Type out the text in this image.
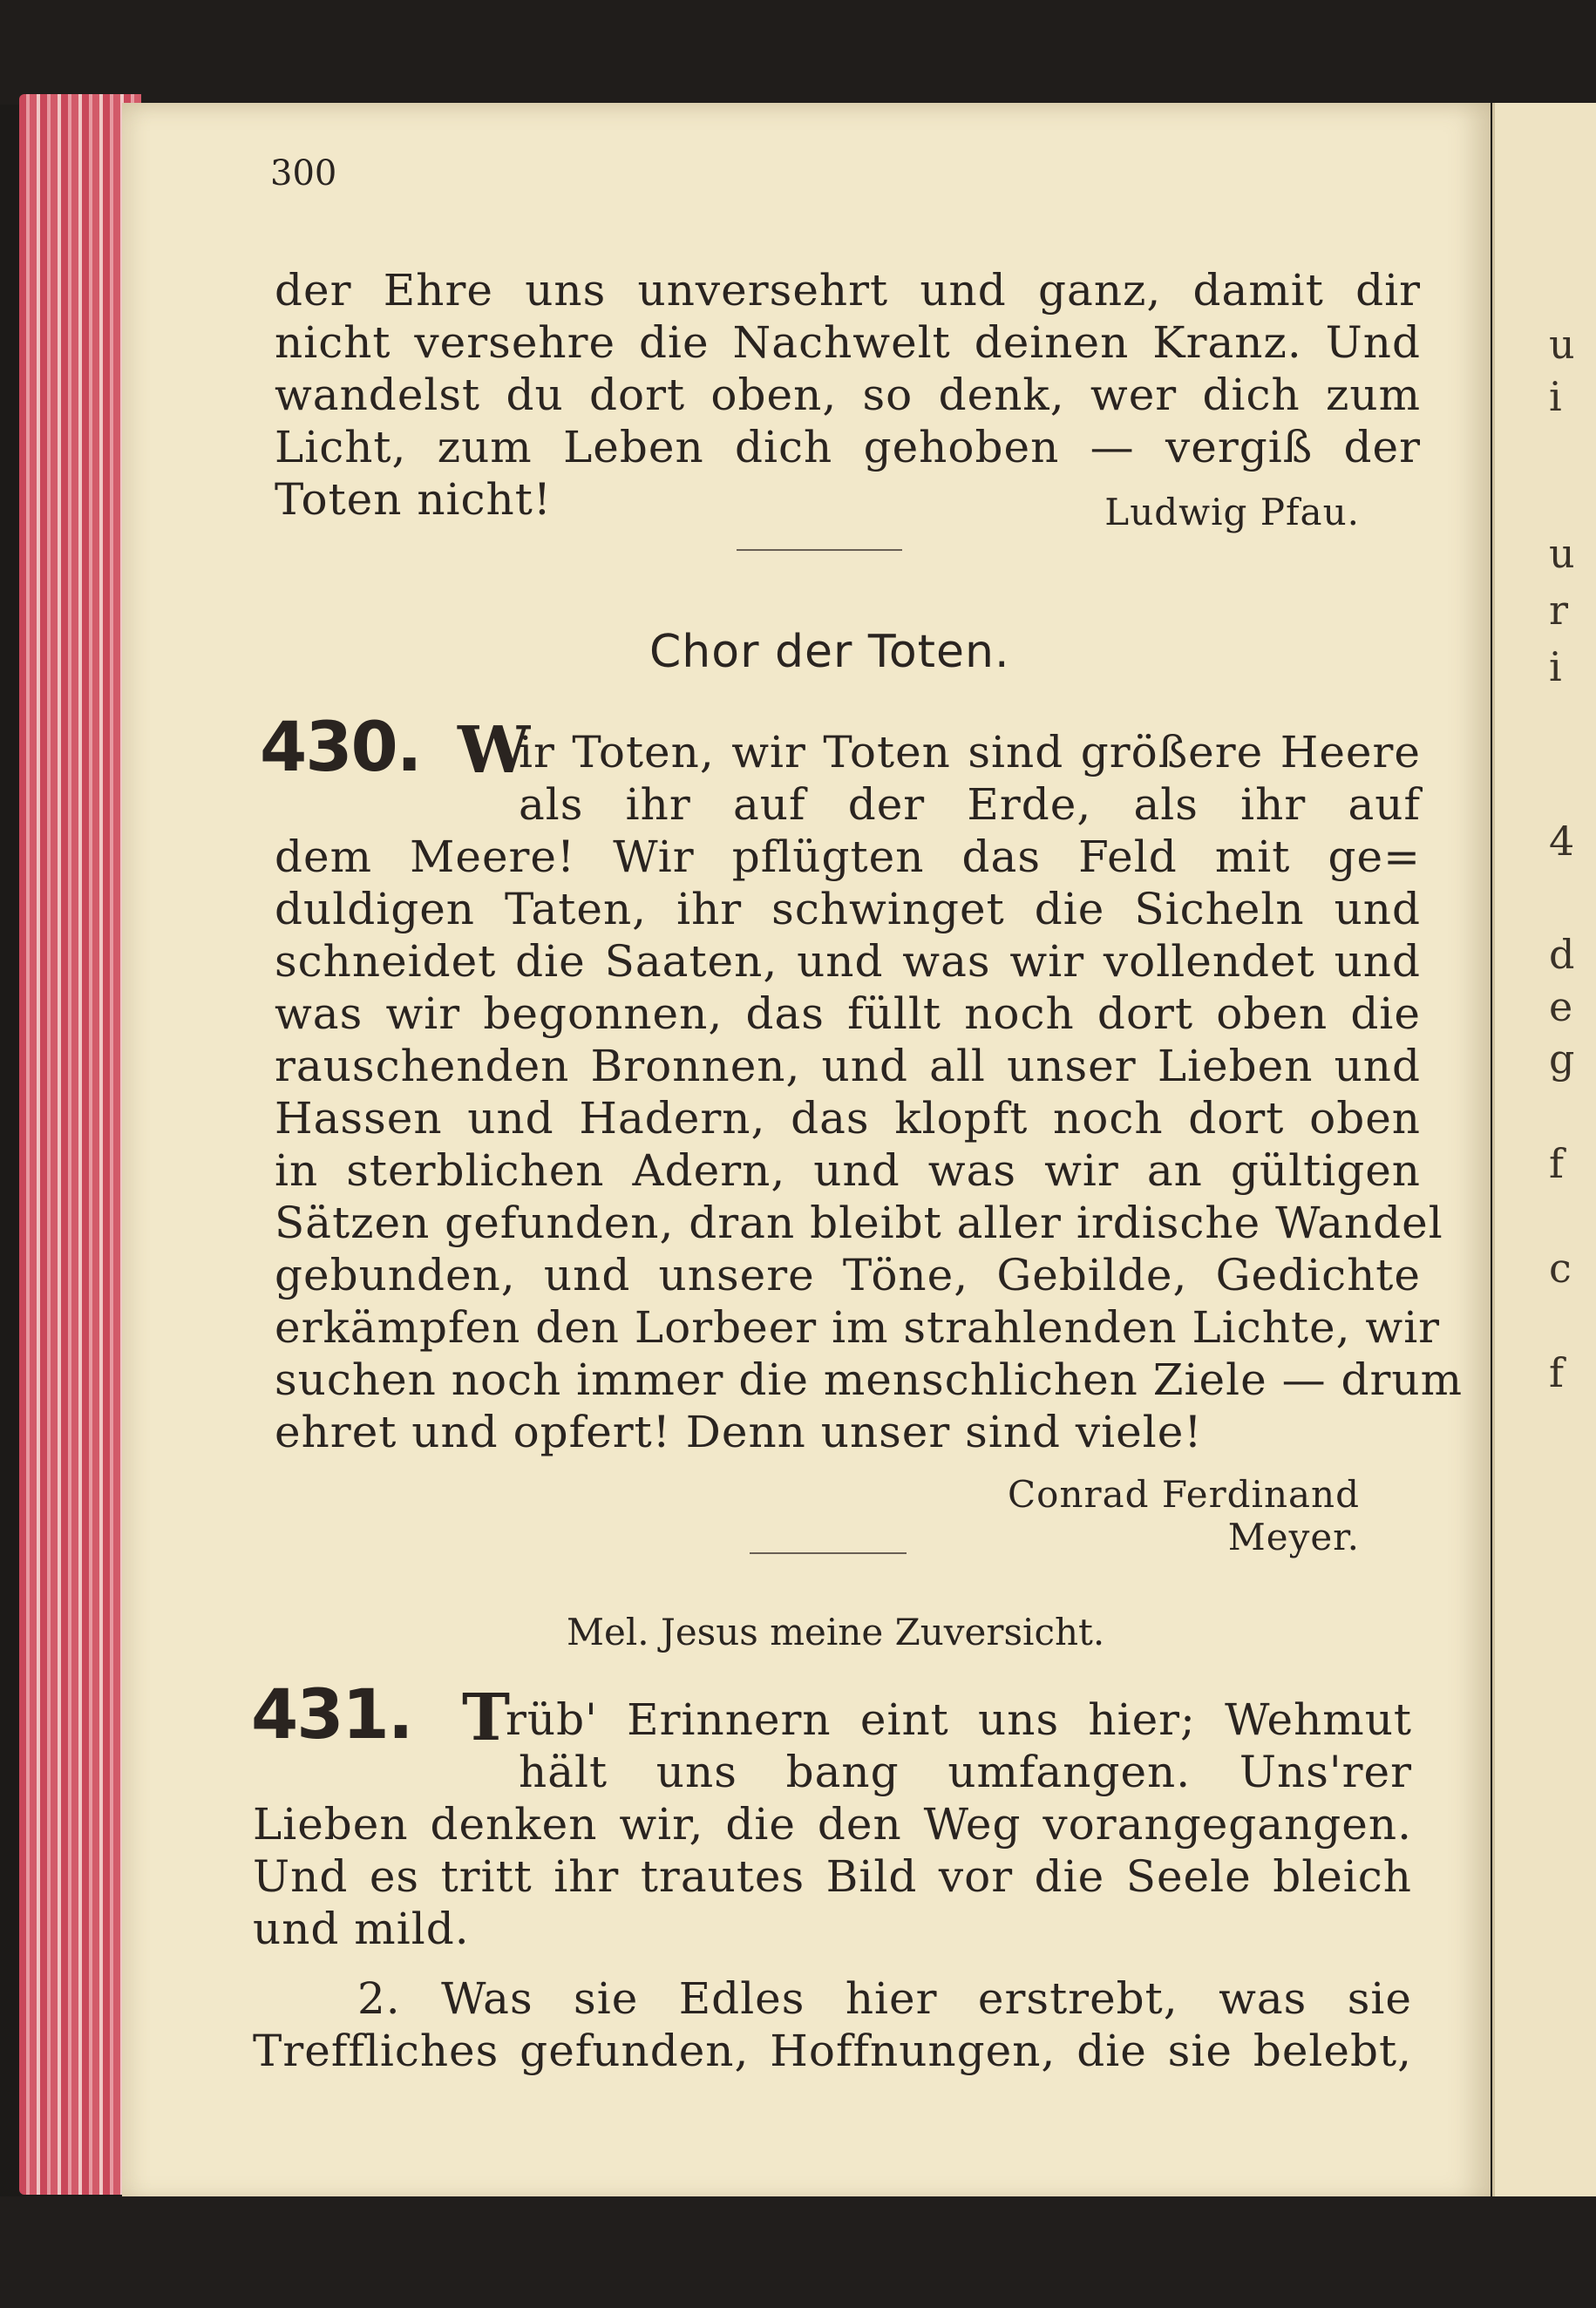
300
der Ehre uns unversehrt und ganz, damit dir
nicht versehre die Nachwelt deinen Kranz. Und
wandelst du dort oben, so denk, wer dich zum
Licht, zum Leben dich gehoben — vergiß der
Toten nicht!	Ludwig Pfau.
Chor der Toten.
430. W
ir Toten, wir Toten sind größere Heere
als ihr auf der Erde, als ihr auf
dem Meere! Wir pflügten das Feld mit ge=
duldigen Taten, ihr schwinget die Sicheln und
schneidet die Saaten, und was wir vollendet und
was wir begonnen, das füllt noch dort oben die
rauschenden Bronnen, und all unser Lieben und
Hassen und Hadern, das klopft noch dort oben
in sterblichen Adern, und was wir an gültigen
Sätzen gefunden, dran bleibt aller irdische Wandel
gebunden, und unsere Töne, Gebilde, Gedichte
erkämpfen den Lorbeer im strahlenden Lichte, wir
suchen noch immer die menschlichen Ziele — drum
ehret und opfert! Denn unser sind viele!
Conrad Ferdinand Meyer.
Mel. Jesus meine Zuversicht.
431. T
rüb' Erinnern eint uns hier; Wehmut
hält uns bang umfangen. Uns'rer
Lieben denken wir, die den Weg vorangegangen.
Und es tritt ihr trautes Bild vor die Seele bleich
und mild.
2. Was sie Edles hier erstrebt, was sie
Treffliches gefunden, Hoffnungen, die sie belebt,
u
i
u
r
i
4
d
e
g
f
c
f
